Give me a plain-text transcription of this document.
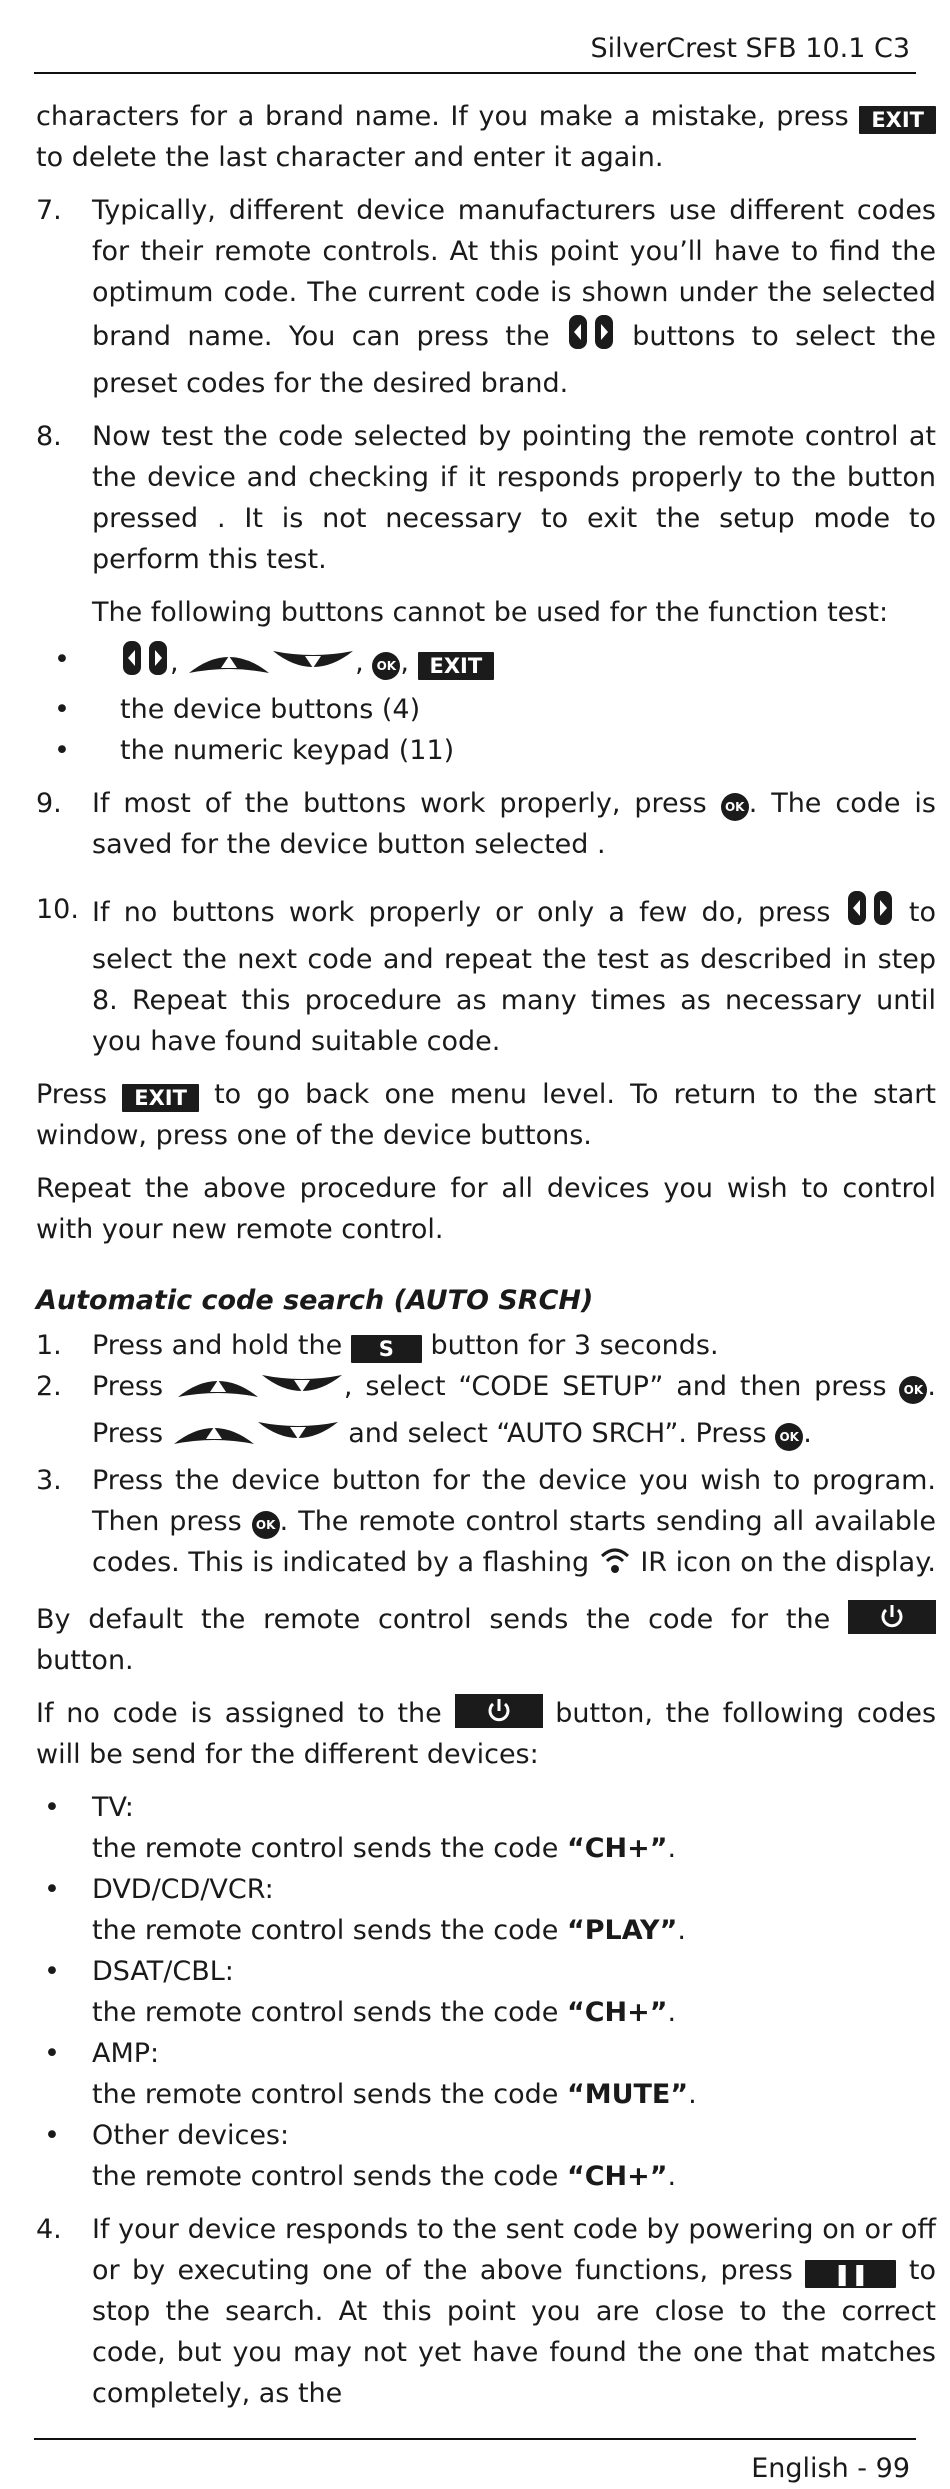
SilverCrest SFB 10.1 C3

characters for a brand name. If you make a mistake, press EXIT to delete the last character and enter it again.

7.	Typically, different device manufacturers use different codes for their remote controls. At this point you’ll have to find the optimum code. The current code is shown under the selected brand name. You can press the	buttons to select the preset codes for the desired brand.

8.	Now test the code selected by pointing the remote control at the device and checking if it responds properly to the button pressed . It is not necessary to exit the setup mode to perform this test.

The following buttons cannot be used for the function test:

•
,	, OK , EXIT
•
the device buttons (4)
•
the numeric keypad (11)
9.	If most of the buttons work properly, press OK . The code is saved for the device button selected .

10. If no buttons work properly or only a few do, press	to select the next code and repeat the test as described in step 8. Repeat this procedure as many times as necessary until you have found suitable code.

Press EXIT to go back one menu level. To return to the start window, press one of the device buttons.

Repeat the above procedure for all devices you wish to control with your new remote control.

Automatic code search (AUTO SRCH)
1.	Press and hold the S button for 3 seconds.

2.	Press	, select “CODE SETUP” and then press OK . Press	and select “AUTO SRCH”. Press OK .

3.	Press the device button for the device you wish to program. Then press OK . The remote control starts sending all available codes. This is indicated by a flashing IR icon on the display.

By default the remote control sends the code for the
button.

If no code is assigned to the	button, the following codes will be send for the different devices:

•
TV:
the remote control sends the code “CH+”.
•
DVD/CD/VCR:
the remote control sends the code “PLAY”.
•
DSAT/CBL:
the remote control sends the code “CH+”.
•
AMP:
the remote control sends the code “MUTE”.
•
Other devices:
the remote control sends the code “CH+”.
4.	If your device responds to the sent code by powering on or off or by executing one of the above functions, press ❚❚ to stop the search. At this point you are close to the correct code, but you may not yet have found the one that matches completely, as the

English - 99
